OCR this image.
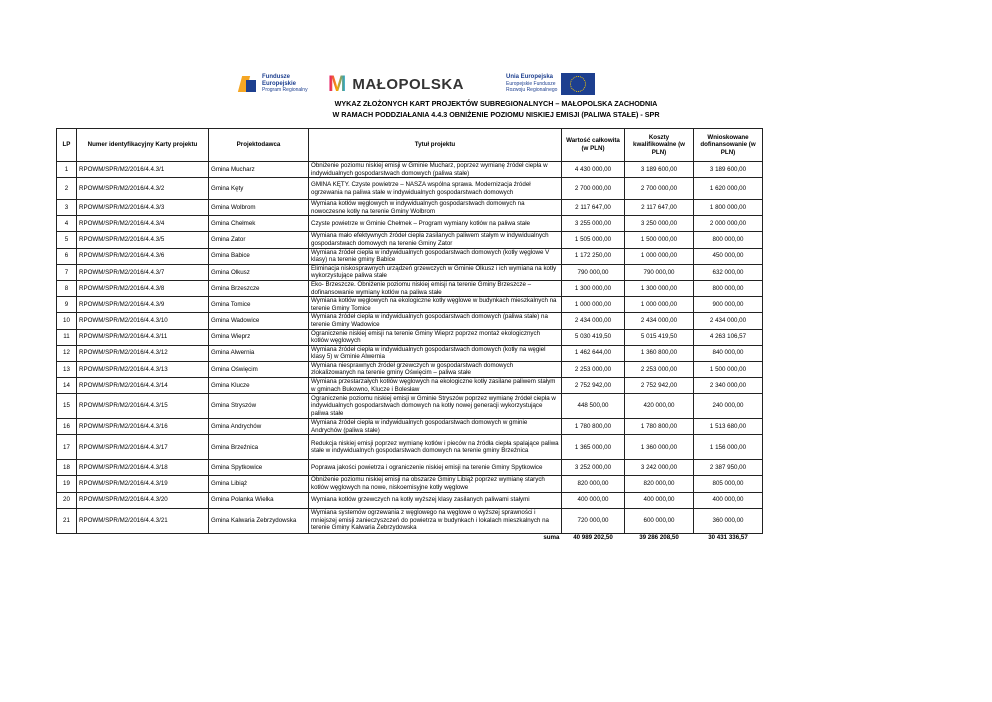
Fundusze
Europejskie
Program Regionalny M MAŁOPOLSKA	Unia Europejska
Europejskie Fundusze
Rozwoju Regionalnego
WYKAZ ZŁOŻONYCH KART PROJEKTÓW SUBREGIONALNYCH – MAŁOPOLSKA ZACHODNIA
W RAMACH PODDZIAŁANIA 4.4.3 OBNIŻENIE POZIOMU NISKIEJ EMISJI (PALIWA STAŁE) - SPR
LP	Numer identyfikacyjny Karty projektu	Projektodawca	Tytuł projektu	Wartość całkowita (w PLN)	Koszty kwalifikowalne (w PLN)	Wnioskowane dofinansowanie (w PLN)
1	RPOWM/SPR/M2/2016/4.4.3/1	Gmina Mucharz	Obniżenie poziomu niskiej emisji w Gminie Mucharz, poprzez wymianę źródeł ciepła w indywidualnych gospodarstwach domowych (paliwa stałe)	4 430 000,00	3 189 600,00	3 189 600,00
2	RPOWM/SPR/M2/2016/4.4.3/2	Gmina Kęty	GMINA KĘTY. Czyste powietrze – NASZA wspólna sprawa. Modernizacja źródeł ogrzewania na paliwa stałe w indywidualnych gospodarstwach domowych	2 700 000,00	2 700 000,00	1 620 000,00
3	RPOWM/SPR/M2/2016/4.4.3/3	Gmina Wolbrom	Wymiana kotłów węglowych w indywidualnych gospodarstwach domowych na nowoczesne kotły na terenie Gminy Wolbrom	2 117 647,00	2 117 647,00	1 800 000,00
4	RPOWM/SPR/M2/2016/4.4.3/4	Gmina Chełmek	Czyste powietrze w Gminie Chełmek – Program wymiany kotłów na paliwa stałe	3 255 000,00	3 250 000,00	2 000 000,00
5	RPOWM/SPR/M2/2016/4.4.3/5	Gmina Zator	Wymiana mało efektywnych źródeł ciepła zasilanych paliwem stałym w indywidualnych gospodarstwach domowych na terenie Gminy Zator	1 505 000,00	1 500 000,00	800 000,00
6	RPOWM/SPR/M2/2016/4.4.3/6	Gmina Babice	Wymiana źródeł ciepła w indywidualnych gospodarstwach domowych (kotły węglowe V klasy) na terenie gminy Babice	1 172 250,00	1 000 000,00	450 000,00
7	RPOWM/SPR/M2/2016/4.4.3/7	Gmina Olkusz	Eliminacja niskosprawnych urządzeń grzewczych w Gminie Olkusz i ich wymiana na kotły wykorzystujące paliwa stałe	790 000,00	790 000,00	632 000,00
8	RPOWM/SPR/M2/2016/4.4.3/8	Gmina Brzeszcze	Eko- Brzeszcze. Obniżenie poziomu niskiej emisji na terenie Gminy Brzeszcze – dofinansowanie wymiany kotłów na paliwa stałe	1 300 000,00	1 300 000,00	800 000,00
9	RPOWM/SPR/M2/2016/4.4.3/9	Gmina Tomice	Wymiana kotłów węglowych na ekologiczne kotły węglowe w budynkach mieszkalnych na terenie Gminy Tomice	1 000 000,00	1 000 000,00	900 000,00
10	RPOWM/SPR/M2/2016/4.4.3/10	Gmina Wadowice	Wymiana źródeł ciepła w indywidualnych gospodarstwach domowych (paliwa stałe) na terenie Gminy Wadowice	2 434 000,00	2 434 000,00	2 434 000,00
11	RPOWM/SPR/M2/2016/4.4.3/11	Gmina Wieprz	Ograniczenie niskiej emisji na terenie Gminy Wieprz poprzez montaż ekologicznych kotłów węglowych	5 030 419,50	5 015 419,50	4 263 106,57
12	RPOWM/SPR/M2/2016/4.4.3/12	Gmina Alwernia	Wymiana źródeł ciepła w indywidualnych gospodarstwach domowych (kotły na węgiel klasy 5) w Gminie Alwernia	1 462 644,00	1 360 800,00	840 000,00
13	RPOWM/SPR/M2/2016/4.4.3/13	Gmina Oświęcim	Wymiana niesprawnych źródeł grzewczych w gospodarstwach domowych zlokalizowanych na terenie gminy Oświęcim – paliwa stałe	2 253 000,00	2 253 000,00	1 500 000,00
14	RPOWM/SPR/M2/2016/4.4.3/14	Gmina Klucze	Wymiana przestarzałych kotłów węglowych na ekologiczne kotły zasilane paliwem stałym w gminach Bukowno, Klucze i Bolesław	2 752 942,00	2 752 942,00	2 340 000,00
15	RPOWM/SPR/M2/2016/4.4.3/15	Gmina Stryszów	Ograniczenie poziomu niskiej emisji w Gminie Stryszów poprzez wymianę źródeł ciepła w indywidualnych gospodarstwach domowych na kotły nowej generacji wykorzystujące paliwa stałe	448 500,00	420 000,00	240 000,00
16	RPOWM/SPR/M2/2016/4.4.3/16	Gmina Andrychów	Wymiana źródeł ciepła w indywidualnych gospodarstwach domowych w gminie Andrychów (paliwa stałe)	1 780 800,00	1 780 800,00	1 513 680,00
17	RPOWM/SPR/M2/2016/4.4.3/17	Gmina Brzeźnica	Redukcja niskiej emisji poprzez wymianę kotłów i pieców na źródła ciepła spalające paliwa stałe w indywidualnych gospodarstwach domowych na terenie gminy Brzeźnica	1 365 000,00	1 360 000,00	1 156 000,00
18	RPOWM/SPR/M2/2016/4.4.3/18	Gmina Spytkowice	Poprawa jakości powietrza i ograniczenie niskiej emisji na terenie Gminy Spytkowice	3 252 000,00	3 242 000,00	2 387 950,00
19	RPOWM/SPR/M2/2016/4.4.3/19	Gmina Libiąż	Obniżenie poziomu niskiej emisji na obszarze Gminy Libiąż poprzez wymianę starych kotłów węglowych na nowe, niskoemisyjne kotły węglowe	820 000,00	820 000,00	805 000,00
20	RPOWM/SPR/M2/2016/4.4.3/20	Gmina Polanka Wielka	Wymiana kotłów grzewczych na kotły wyższej klasy zasilanych paliwami stałymi	400 000,00	400 000,00	400 000,00
21	RPOWM/SPR/M2/2016/4.4.3/21	Gmina Kalwaria Zebrzydowska	Wymiana systemów ogrzewania z węglowego na węglowe o wyższej sprawności i mniejszej emisji zanieczyszczeń do powietrza w budynkach i lokalach mieszkalnych na terenie Gminy Kalwaria Zebrzydowska	720 000,00	600 000,00	360 000,00
suma				40 989 202,50	39 286 208,50	30 431 336,57
